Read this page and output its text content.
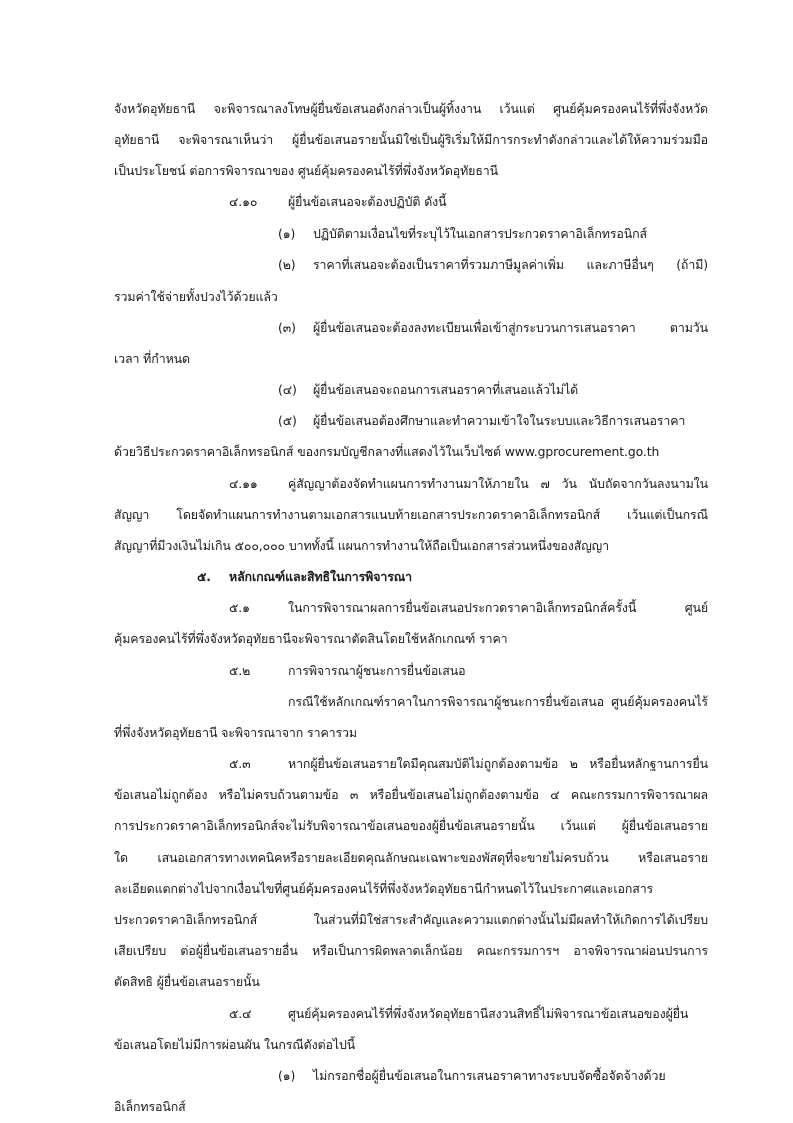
จังหวัดอุทัยธานี จะพิจารณาลงโทษผู้ยื่นข้อเสนอดังกล่าวเป็นผู้ทิ้งงาน เว้นแต่ ศูนย์คุ้มครองคนไร้ที่พึ่งจังหวัด
อุทัยธานี จะพิจารณาเห็นว่า ผู้ยื่นข้อเสนอรายนั้นมิใช่เป็นผู้ริเริ่มให้มีการกระทำดังกล่าวและได้ให้ความร่วมมือ
เป็นประโยชน์ ต่อการพิจารณาของ ศูนย์คุ้มครองคนไร้ที่พึ่งจังหวัดอุทัยธานี
๔.๑๐ ผู้ยื่นข้อเสนอจะต้องปฏิบัติ ดังนี้
(๑) ปฏิบัติตามเงื่อนไขที่ระบุไว้ในเอกสารประกวดราคาอิเล็กทรอนิกส์
(๒) ราคาที่เสนอจะต้องเป็นราคาที่รวมภาษีมูลค่าเพิ่ม และภาษีอื่นๆ (ถ้ามี)
รวมค่าใช้จ่ายทั้งปวงไว้ด้วยแล้ว
(๓) ผู้ยื่นข้อเสนอจะต้องลงทะเบียนเพื่อเข้าสู่กระบวนการเสนอราคา ตามวัน
เวลา ที่กำหนด
(๔) ผู้ยื่นข้อเสนอจะถอนการเสนอราคาที่เสนอแล้วไม่ได้
(๕) ผู้ยื่นข้อเสนอต้องศึกษาและทำความเข้าใจในระบบและวิธีการเสนอราคา
ด้วยวิธีประกวดราคาอิเล็กทรอนิกส์ ของกรมบัญชีกลางที่แสดงไว้ในเว็บไซต์ www.gprocurement.go.th
๔.๑๑ คู่สัญญาต้องจัดทำแผนการทำงานมาให้ภายใน ๗ วัน นับถัดจากวันลงนามใน
สัญญา โดยจัดทำแผนการทำงานตามเอกสารแนบท้ายเอกสารประกวดราคาอิเล็กทรอนิกส์ เว้นแต่เป็นกรณี
สัญญาที่มีวงเงินไม่เกิน ๕๐๐,๐๐๐ บาททั้งนี้ แผนการทำงานให้ถือเป็นเอกสารส่วนหนึ่งของสัญญา
๕. หลักเกณฑ์และสิทธิในการพิจารณา
๕.๑	ในการพิจารณาผลการยื่นข้อเสนอประกวดราคาอิเล็กทรอนิกส์ครั้งนี้ ศูนย์
คุ้มครองคนไร้ที่พึ่งจังหวัดอุทัยธานีจะพิจารณาตัดสินโดยใช้หลักเกณฑ์ ราคา
๕.๒	การพิจารณาผู้ชนะการยื่นข้อเสนอ
กรณีใช้หลักเกณฑ์ราคาในการพิจารณาผู้ชนะการยื่นข้อเสนอ ศูนย์คุ้มครองคนไร้
ที่พึ่งจังหวัดอุทัยธานี จะพิจารณาจาก ราคารวม
๕.๓	หากผู้ยื่นข้อเสนอรายใดมีคุณสมบัติไม่ถูกต้องตามข้อ ๒ หรือยื่นหลักฐานการยื่น
ข้อเสนอไม่ถูกต้อง หรือไม่ครบถ้วนตามข้อ ๓ หรือยื่นข้อเสนอไม่ถูกต้องตามข้อ ๔ คณะกรรมการพิจารณาผล
การประกวดราคาอิเล็กทรอนิกส์จะไม่รับพิจารณาข้อเสนอของผู้ยื่นข้อเสนอรายนั้น เว้นแต่ ผู้ยื่นข้อเสนอราย
ใด เสนอเอกสารทางเทคนิคหรือรายละเอียดคุณลักษณะเฉพาะของพัสดุที่จะขายไม่ครบถ้วน หรือเสนอราย
ละเอียดแตกต่างไปจากเงื่อนไขที่ศูนย์คุ้มครองคนไร้ที่พึ่งจังหวัดอุทัยธานีกำหนดไว้ในประกาศและเอกสาร
ประกวดราคาอิเล็กทรอนิกส์ ในส่วนที่มิใช่สาระสำคัญและความแตกต่างนั้นไม่มีผลทำให้เกิดการได้เปรียบ
เสียเปรียบ ต่อผู้ยื่นข้อเสนอรายอื่น หรือเป็นการผิดพลาดเล็กน้อย คณะกรรมการฯ อาจพิจารณาผ่อนปรนการ
ตัดสิทธิ ผู้ยื่นข้อเสนอรายนั้น
๕.๔	ศูนย์คุ้มครองคนไร้ที่พึ่งจังหวัดอุทัยธานีสงวนสิทธิ์ไม่พิจารณาข้อเสนอของผู้ยื่น
ข้อเสนอโดยไม่มีการผ่อนผัน ในกรณีดังต่อไปนี้
(๑) ไม่กรอกชื่อผู้ยื่นข้อเสนอในการเสนอราคาทางระบบจัดซื้อจัดจ้างด้วย
อิเล็กทรอนิกส์
